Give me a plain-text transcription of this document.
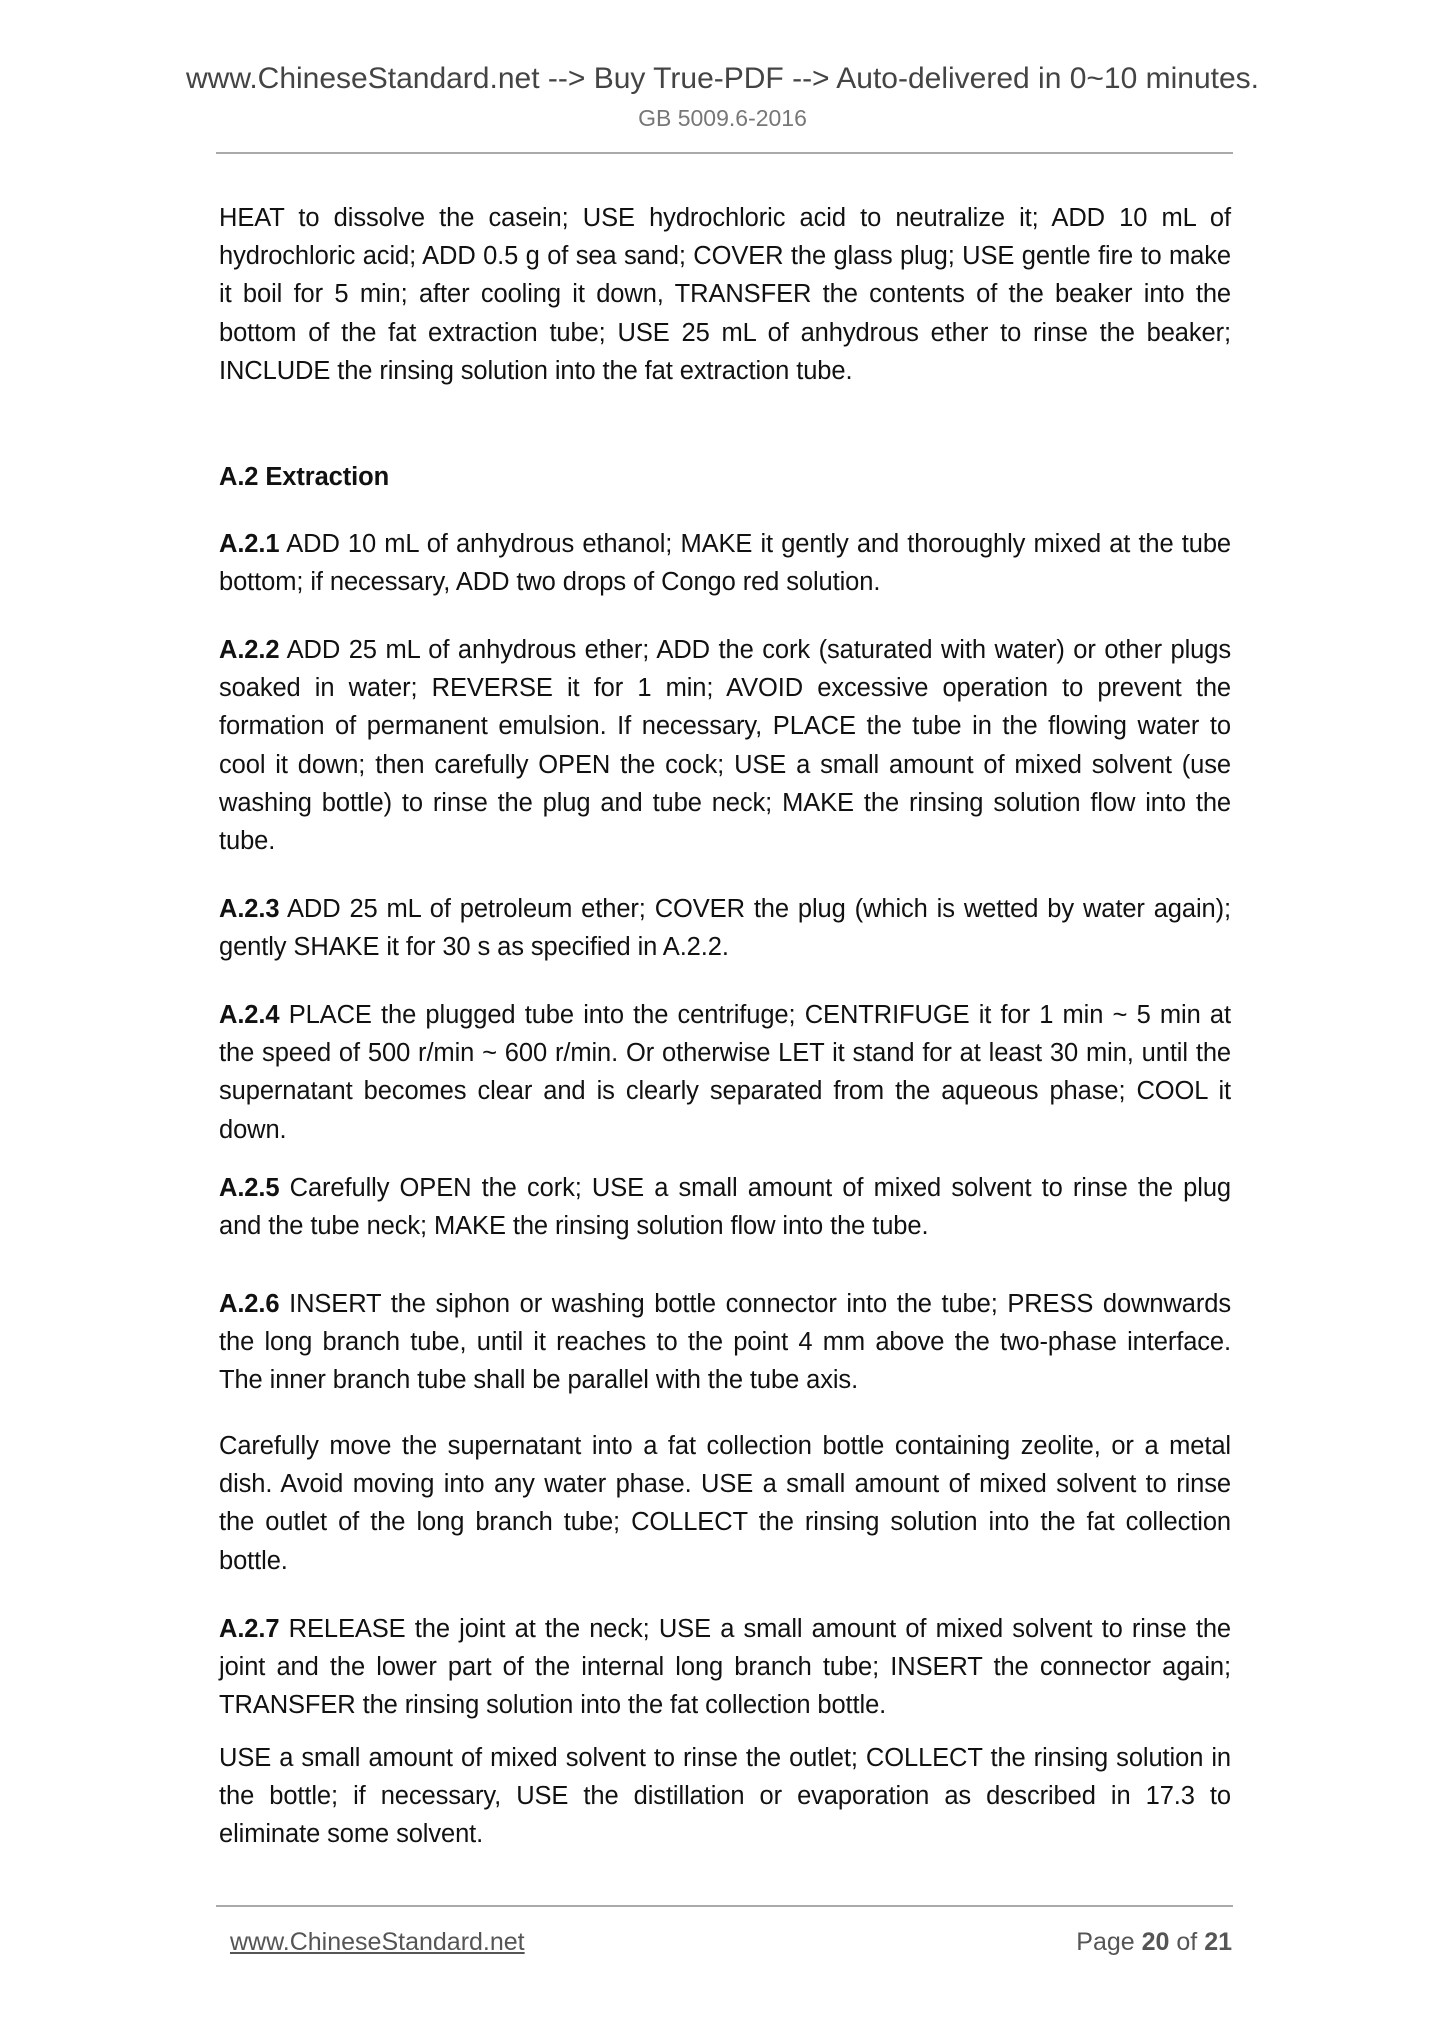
www.ChineseStandard.net --> Buy True-PDF --> Auto-delivered in 0~10 minutes.
GB 5009.6-2016
HEAT to dissolve the casein; USE hydrochloric acid to neutralize it; ADD 10 mL of hydrochloric acid; ADD 0.5 g of sea sand; COVER the glass plug; USE gentle fire to make it boil for 5 min; after cooling it down, TRANSFER the contents of the beaker into the bottom of the fat extraction tube; USE 25 mL of anhydrous ether to rinse the beaker; INCLUDE the rinsing solution into the fat extraction tube.
A.2 Extraction
A.2.1 ADD 10 mL of anhydrous ethanol; MAKE it gently and thoroughly mixed at the tube bottom; if necessary, ADD two drops of Congo red solution.
A.2.2 ADD 25 mL of anhydrous ether; ADD the cork (saturated with water) or other plugs soaked in water; REVERSE it for 1 min; AVOID excessive operation to prevent the formation of permanent emulsion. If necessary, PLACE the tube in the flowing water to cool it down; then carefully OPEN the cock; USE a small amount of mixed solvent (use washing bottle) to rinse the plug and tube neck; MAKE the rinsing solution flow into the tube.
A.2.3 ADD 25 mL of petroleum ether; COVER the plug (which is wetted by water again); gently SHAKE it for 30 s as specified in A.2.2.
A.2.4 PLACE the plugged tube into the centrifuge; CENTRIFUGE it for 1 min ~ 5 min at the speed of 500 r/min ~ 600 r/min. Or otherwise LET it stand for at least 30 min, until the supernatant becomes clear and is clearly separated from the aqueous phase; COOL it down.
A.2.5 Carefully OPEN the cork; USE a small amount of mixed solvent to rinse the plug and the tube neck; MAKE the rinsing solution flow into the tube.
A.2.6 INSERT the siphon or washing bottle connector into the tube; PRESS downwards the long branch tube, until it reaches to the point 4 mm above the two-phase interface. The inner branch tube shall be parallel with the tube axis.
Carefully move the supernatant into a fat collection bottle containing zeolite, or a metal dish. Avoid moving into any water phase. USE a small amount of mixed solvent to rinse the outlet of the long branch tube; COLLECT the rinsing solution into the fat collection bottle.
A.2.7 RELEASE the joint at the neck; USE a small amount of mixed solvent to rinse the joint and the lower part of the internal long branch tube; INSERT the connector again; TRANSFER the rinsing solution into the fat collection bottle.
USE a small amount of mixed solvent to rinse the outlet; COLLECT the rinsing solution in the bottle; if necessary, USE the distillation or evaporation as described in 17.3 to eliminate some solvent.
www.ChineseStandard.net	Page 20 of 21
